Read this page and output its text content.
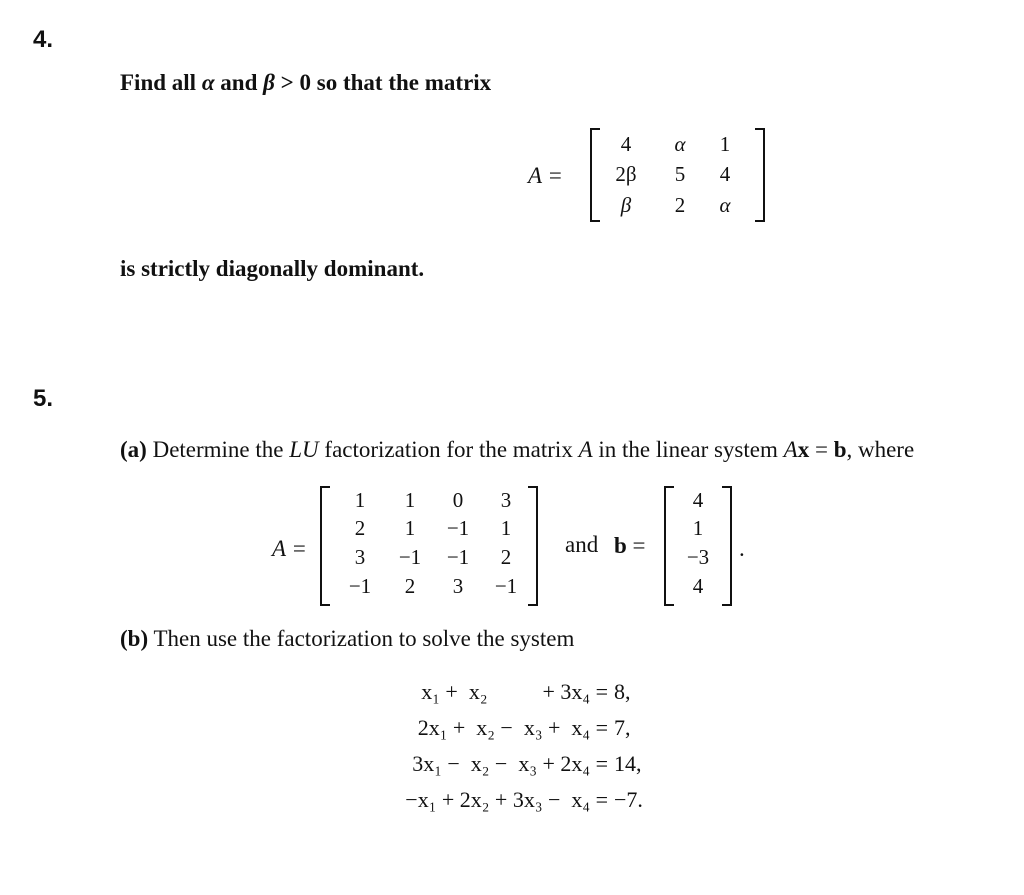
4.
Find all α and β > 0 so that the matrix
A =
4	α	1
2β	5	4
β	2	α
is strictly diagonally dominant.
5.
(a) Determine the LU factorization for the matrix A in the linear system Ax = b, where
A =
1	1	0	3
2	1	−1	1
3	−1	−1	2
−1	2	3	−1
and b =
4
1
−3
4
.
(b) Then use the factorization to solve the system
x₁ +  x₂          + 3x₄ = 8,
2x₁ +  x₂ −  x₃ +  x₄ = 7,
3x₁ −  x₂ −  x₃ + 2x₄ = 14,
−x₁ + 2x₂ + 3x₃ −  x₄ = −7.
